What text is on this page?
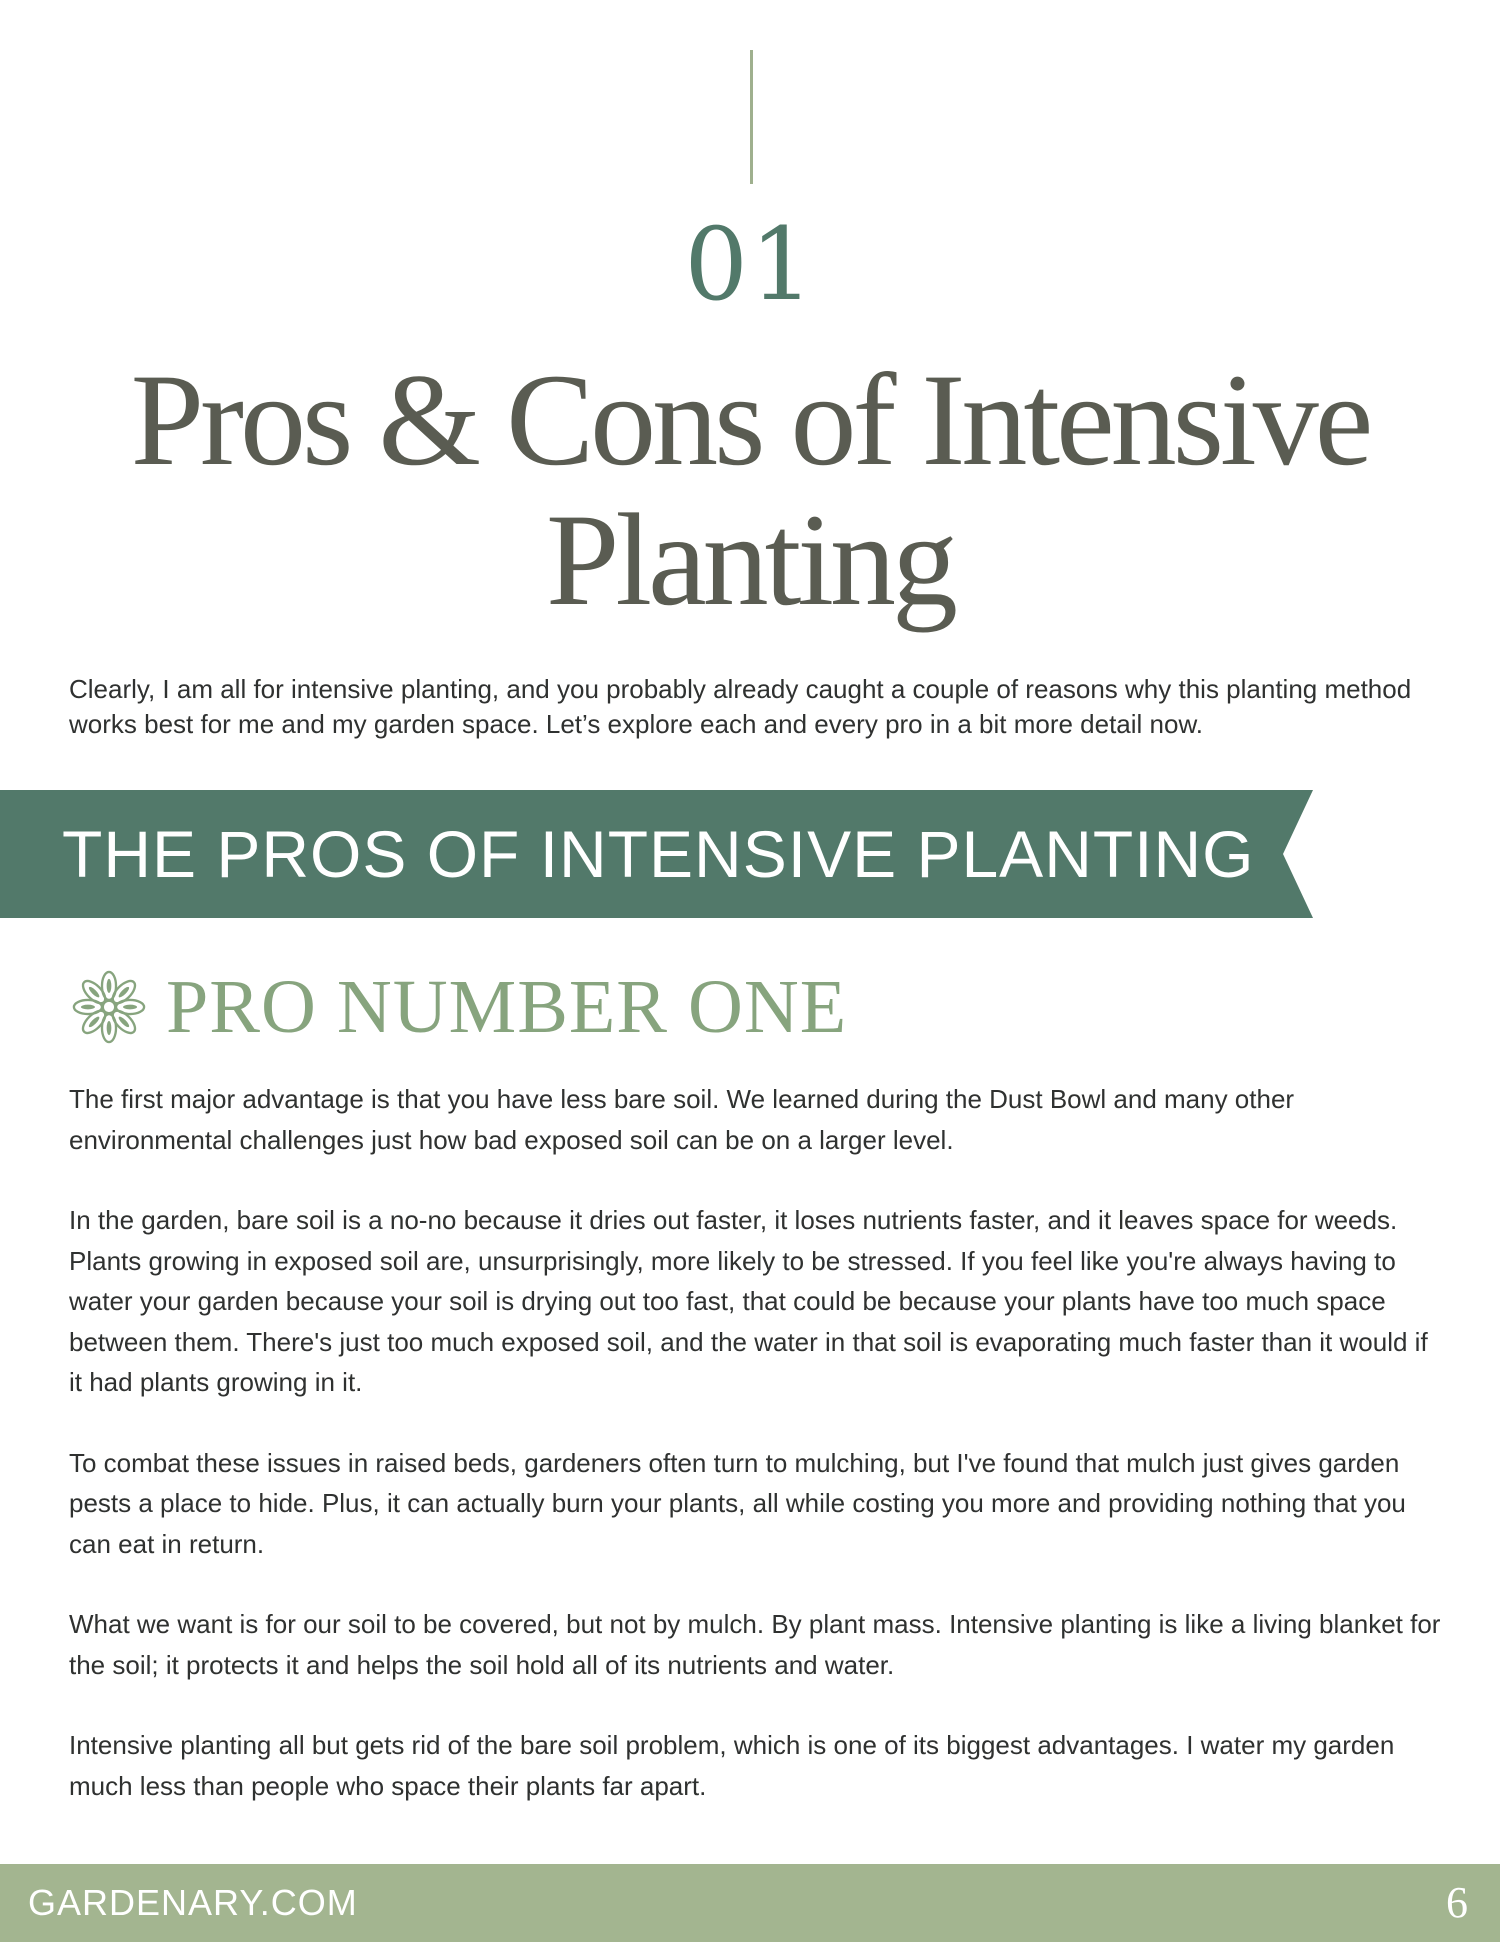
01
Pros & Cons of Intensive Planting

Clearly, I am all for intensive planting, and you probably already caught a couple of reasons why this planting method works best for me and my garden space. Let’s explore each and every pro in a bit more detail now.

THE PROS OF INTENSIVE PLANTING
PRO NUMBER ONE

The first major advantage is that you have less bare soil. We learned during the Dust Bowl and many other environmental challenges just how bad exposed soil can be on a larger level.

In the garden, bare soil is a no-no because it dries out faster, it loses nutrients faster, and it leaves space for weeds. Plants growing in exposed soil are, unsurprisingly, more likely to be stressed. If you feel like you're always having to water your garden because your soil is drying out too fast, that could be because your plants have too much space between them. There's just too much exposed soil, and the water in that soil is evaporating much faster than it would if it had plants growing in it.

To combat these issues in raised beds, gardeners often turn to mulching, but I've found that mulch just gives garden pests a place to hide. Plus, it can actually burn your plants, all while costing you more and providing nothing that you can eat in return.

What we want is for our soil to be covered, but not by mulch. By plant mass. Intensive planting is like a living blanket for the soil; it protects it and helps the soil hold all of its nutrients and water.

Intensive planting all but gets rid of the bare soil problem, which is one of its biggest advantages. I water my garden much less than people who space their plants far apart.

GARDENARY.COM	6
